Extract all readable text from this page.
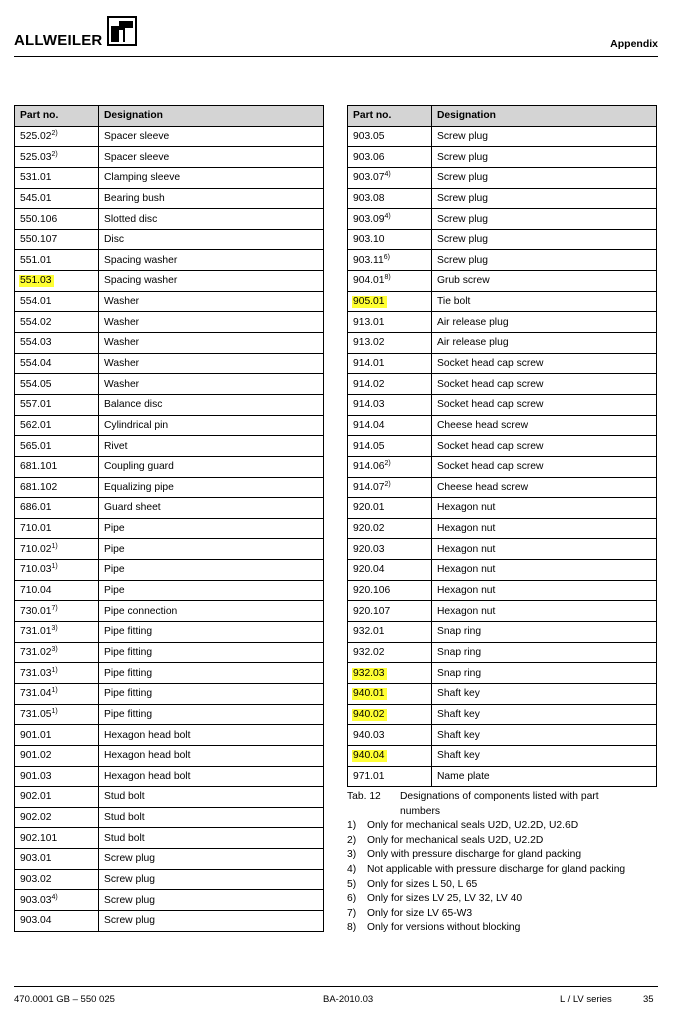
ALLWEILER	Appendix
Part no.	Designation
525.02$^{2)}$	Spacer sleeve
525.03$^{2)}$	Spacer sleeve
531.01	Clamping sleeve
545.01	Bearing bush
550.106	Slotted disc
550.107	Disc
551.01	Spacing washer
551.03	Spacing washer
554.01	Washer
554.02	Washer
554.03	Washer
554.04	Washer
554.05	Washer
557.01	Balance disc
562.01	Cylindrical pin
565.01	Rivet
681.101	Coupling guard
681.102	Equalizing pipe
686.01	Guard sheet
710.01	Pipe
710.02$^{1)}$	Pipe
710.03$^{1)}$	Pipe
710.04	Pipe
730.01$^{7)}$	Pipe connection
731.01$^{3)}$	Pipe fitting
731.02$^{3)}$	Pipe fitting
731.03$^{1)}$	Pipe fitting
731.04$^{1)}$	Pipe fitting
731.05$^{1)}$	Pipe fitting
901.01	Hexagon head bolt
901.02	Hexagon head bolt
901.03	Hexagon head bolt
902.01	Stud bolt
902.02	Stud bolt
902.101	Stud bolt
903.01	Screw plug
903.02	Screw plug
903.03$^{4)}$	Screw plug
903.04	Screw plug
Part no.	Designation
903.05	Screw plug
903.06	Screw plug
903.07$^{4)}$	Screw plug
903.08	Screw plug
903.09$^{4)}$	Screw plug
903.10	Screw plug
903.11$^{6)}$	Screw plug
904.01$^{8)}$	Grub screw
905.01	Tie bolt
913.01	Air release plug
913.02	Air release plug
914.01	Socket head cap screw
914.02	Socket head cap screw
914.03	Socket head cap screw
914.04	Cheese head screw
914.05	Socket head cap screw
914.06$^{2)}$	Socket head cap screw
914.07$^{2)}$	Cheese head screw
920.01	Hexagon nut
920.02	Hexagon nut
920.03	Hexagon nut
920.04	Hexagon nut
920.106	Hexagon nut
920.107	Hexagon nut
932.01	Snap ring
932.02	Snap ring
932.03	Snap ring
940.01	Shaft key
940.02	Shaft key
940.03	Shaft key
940.04	Shaft key
971.01	Name plate
Tab. 12	Designations of components listed with part numbers
1)	Only for mechanical seals U2D, U2.2D, U2.6D
2)	Only for mechanical seals U2D, U2.2D
3)	Only with pressure discharge for gland packing
4)	Not applicable with pressure discharge for gland packing
5)	Only for sizes L 50, L 65
6)	Only for sizes LV 25, LV 32, LV 40
7)	Only for size LV 65-W3
8)	Only for versions without blocking
470.0001 GB – 550 025	BA-2010.03	L / LV series	35
